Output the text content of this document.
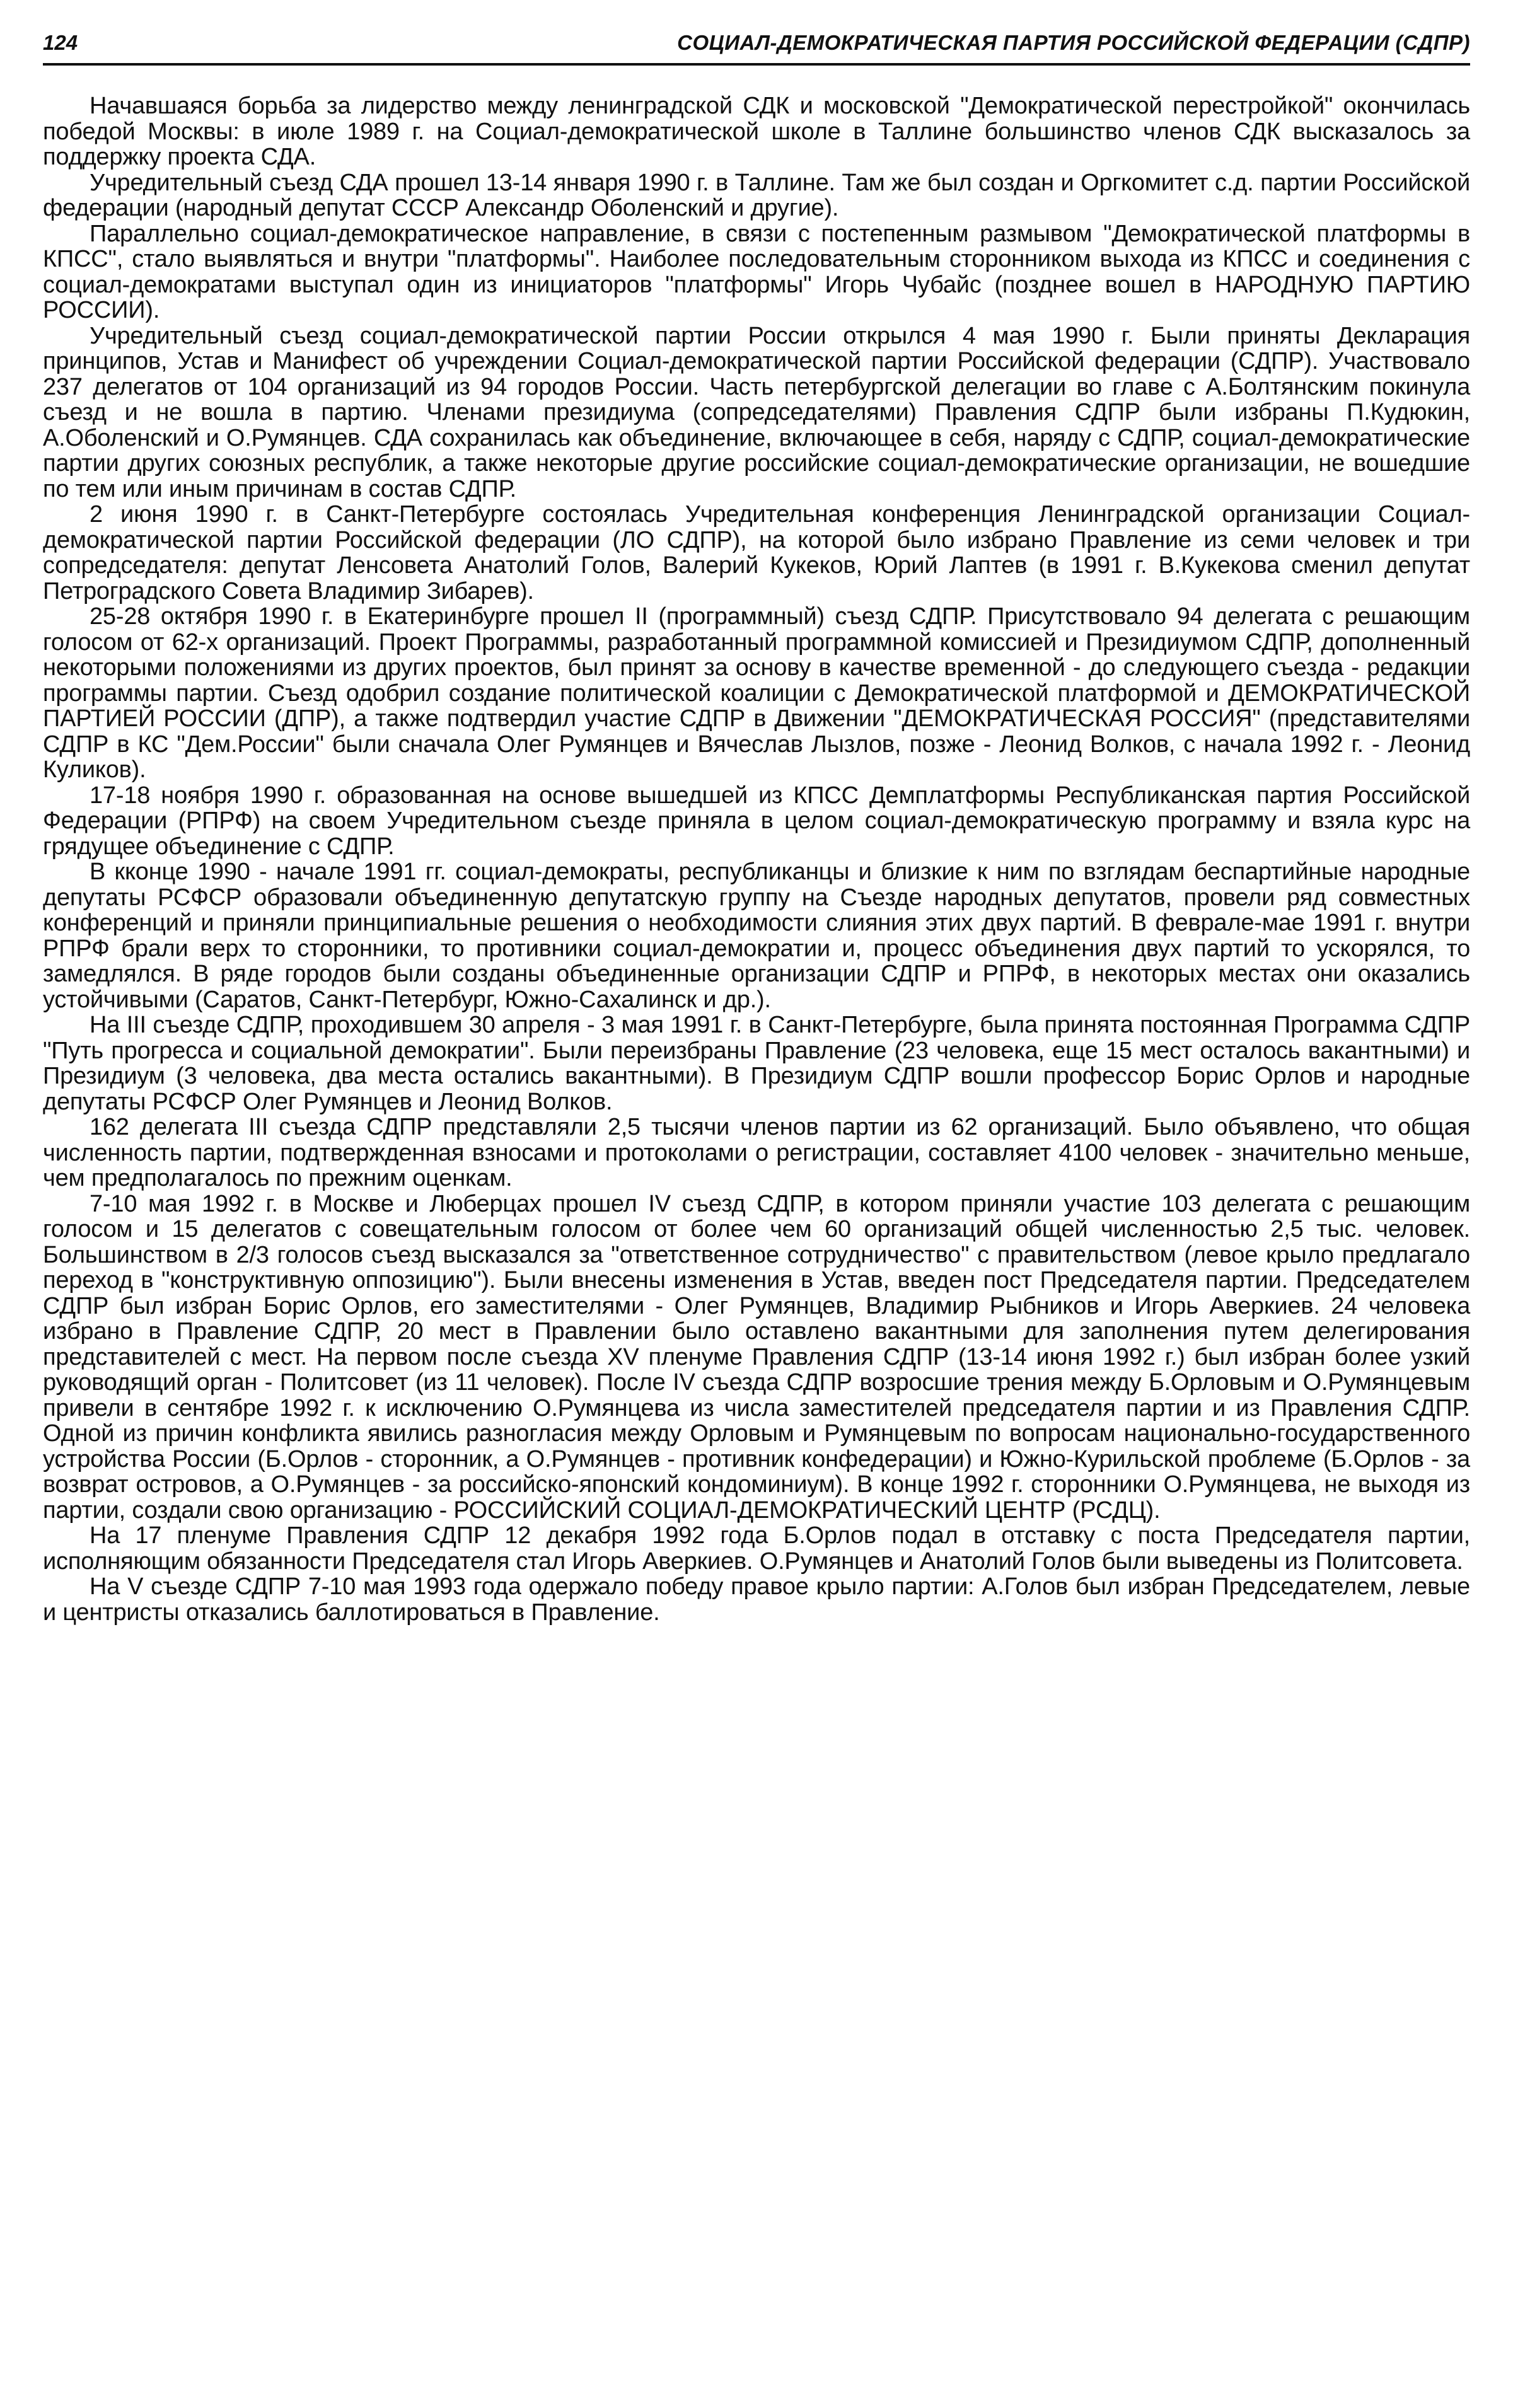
124	СОЦИАЛ-ДЕМОКРАТИЧЕСКАЯ ПАРТИЯ РОССИЙСКОЙ ФЕДЕРАЦИИ (СДПР)

Начавшаяся борьба за лидерство между ленинградской СДК и московской "Демократической перестройкой" окончилась победой Москвы: в июле 1989 г. на Социал-демократической школе в Таллине большинство членов СДК высказалось за поддержку проекта СДА.

Учредительный съезд СДА прошел 13-14 января 1990 г. в Таллине. Там же был создан и Оргкомитет с.д. партии Российской федерации (народный депутат СССР Александр Оболенский и другие).

Параллельно социал-демократическое направление, в связи с постепенным размывом "Демократической платформы в КПСС", стало выявляться и внутри "платформы". Наиболее последовательным сторонником выхода из КПСС и соединения с социал-демократами выступал один из инициаторов "платформы" Игорь Чубайс (позднее вошел в НАРОДНУЮ ПАРТИЮ РОССИИ).

Учредительный съезд социал-демократической партии России открылся 4 мая 1990 г. Были приняты Декларация принципов, Устав и Манифест об учреждении Социал-демократической партии Российской федерации (СДПР). Участвовало 237 делегатов от 104 организаций из 94 городов России. Часть петербургской делегации во главе с А.Болтянским покинула съезд и не вошла в партию. Членами президиума (сопредседателями) Правления СДПР были избраны П.Кудюкин, А.Оболенский и О.Румянцев. СДА сохранилась как объединение, включающее в себя, наряду с СДПР, социал-демократические партии других союзных республик, а также некоторые другие российские социал-демократические организации, не вошедшие по тем или иным причинам в состав СДПР.

2 июня 1990 г. в Санкт-Петербурге состоялась Учредительная конференция Ленинградской организации Социал-демократической партии Российской федерации (ЛО СДПР), на которой было избрано Правление из семи человек и три сопредседателя: депутат Ленсовета Анатолий Голов, Валерий Кукеков, Юрий Лаптев (в 1991 г. В.Кукекова сменил депутат Петроградского Совета Владимир Зибарев).

25-28 октября 1990 г. в Екатеринбурге прошел II (программный) съезд СДПР. Присутствовало 94 делегата с решающим голосом от 62-х организаций. Проект Программы, разработанный программной комиссией и Президиумом СДПР, дополненный некоторыми положениями из других проектов, был принят за основу в качестве временной - до следующего съезда - редакции программы партии. Съезд одобрил создание политической коалиции с Демократической платформой и ДЕМОКРАТИЧЕСКОЙ ПАРТИЕЙ РОССИИ (ДПР), а также подтвердил участие СДПР в Движении "ДЕМОКРАТИЧЕСКАЯ РОССИЯ" (представителями СДПР в КС "Дем.России" были сначала Олег Румянцев и Вячеслав Лызлов, позже - Леонид Волков, с начала 1992 г. - Леонид Куликов).

17-18 ноября 1990 г. образованная на основе вышедшей из КПСС Демплатформы Республиканская партия Российской Федерации (РПРФ) на своем Учредительном съезде приняла в целом социал-демократическую программу и взяла курс на грядущее объединение с СДПР.

В кконце 1990 - начале 1991 гг. социал-демократы, республиканцы и близкие к ним по взглядам беспартийные народные депутаты РСФСР образовали объединенную депутатскую группу на Съезде народных депутатов, провели ряд совместных конференций и приняли принципиальные решения о необходимости слияния этих двух партий. В феврале-мае 1991 г. внутри РПРФ брали верх то сторонники, то противники социал-демократии и, процесс объединения двух партий то ускорялся, то замедлялся. В ряде городов были созданы объединенные организации СДПР и РПРФ, в некоторых местах они оказались устойчивыми (Саратов, Санкт-Петербург, Южно-Сахалинск и др.).

На III съезде СДПР, проходившем 30 апреля - 3 мая 1991 г. в Санкт-Петербурге, была принята постоянная Программа СДПР "Путь прогресса и социальной демократии". Были переизбраны Правление (23 человека, еще 15 мест осталось вакантными) и Президиум (3 человека, два места остались вакантными). В Президиум СДПР вошли профессор Борис Орлов и народные депутаты РСФСР Олег Румянцев и Леонид Волков.

162 делегата III съезда СДПР представляли 2,5 тысячи членов партии из 62 организаций. Было объявлено, что общая численность партии, подтвержденная взносами и протоколами о регистрации, составляет 4100 человек - значительно меньше, чем предполагалось по прежним оценкам.

7-10 мая 1992 г. в Москве и Люберцах прошел IV съезд СДПР, в котором приняли участие 103 делегата с решающим голосом и 15 делегатов с совещательным голосом от более чем 60 организаций общей численностью 2,5 тыс. человек. Большинством в 2/3 голосов съезд высказался за "ответственное сотрудничество" с правительством (левое крыло предлагало переход в "конструктивную оппозицию"). Были внесены изменения в Устав, введен пост Председателя партии. Председателем СДПР был избран Борис Орлов, его заместителями - Олег Румянцев, Владимир Рыбников и Игорь Аверкиев. 24 человека избрано в Правление СДПР, 20 мест в Правлении было оставлено вакантными для заполнения путем делегирования представителей с мест. На первом после съезда XV пленуме Правления СДПР (13-14 июня 1992 г.) был избран более узкий руководящий орган - Политсовет (из 11 человек). После IV съезда СДПР возросшие трения между Б.Орловым и О.Румянцевым привели в сентябре 1992 г. к исключению О.Румянцева из числа заместителей председателя партии и из Правления СДПР. Одной из причин конфликта явились разногласия между Орловым и Румянцевым по вопросам национально-государственного устройства России (Б.Орлов - сторонник, а О.Румянцев - противник конфедерации) и Южно-Курильской проблеме (Б.Орлов - за возврат островов, а О.Румянцев - за российско-японский кондоминиум). В конце 1992 г. сторонники О.Румянцева, не выходя из партии, создали свою организацию - РОССИЙСКИЙ СОЦИАЛ-ДЕМОКРАТИЧЕСКИЙ ЦЕНТР (РСДЦ).

На 17 пленуме Правления СДПР 12 декабря 1992 года Б.Орлов подал в отставку с поста Председателя партии, исполняющим обязанности Председателя стал Игорь Аверкиев. О.Румянцев и Анатолий Голов были выведены из Политсовета.

На V съезде СДПР 7-10 мая 1993 года одержало победу правое крыло партии: А.Голов был избран Председателем, левые и центристы отказались баллотироваться в Правление.
